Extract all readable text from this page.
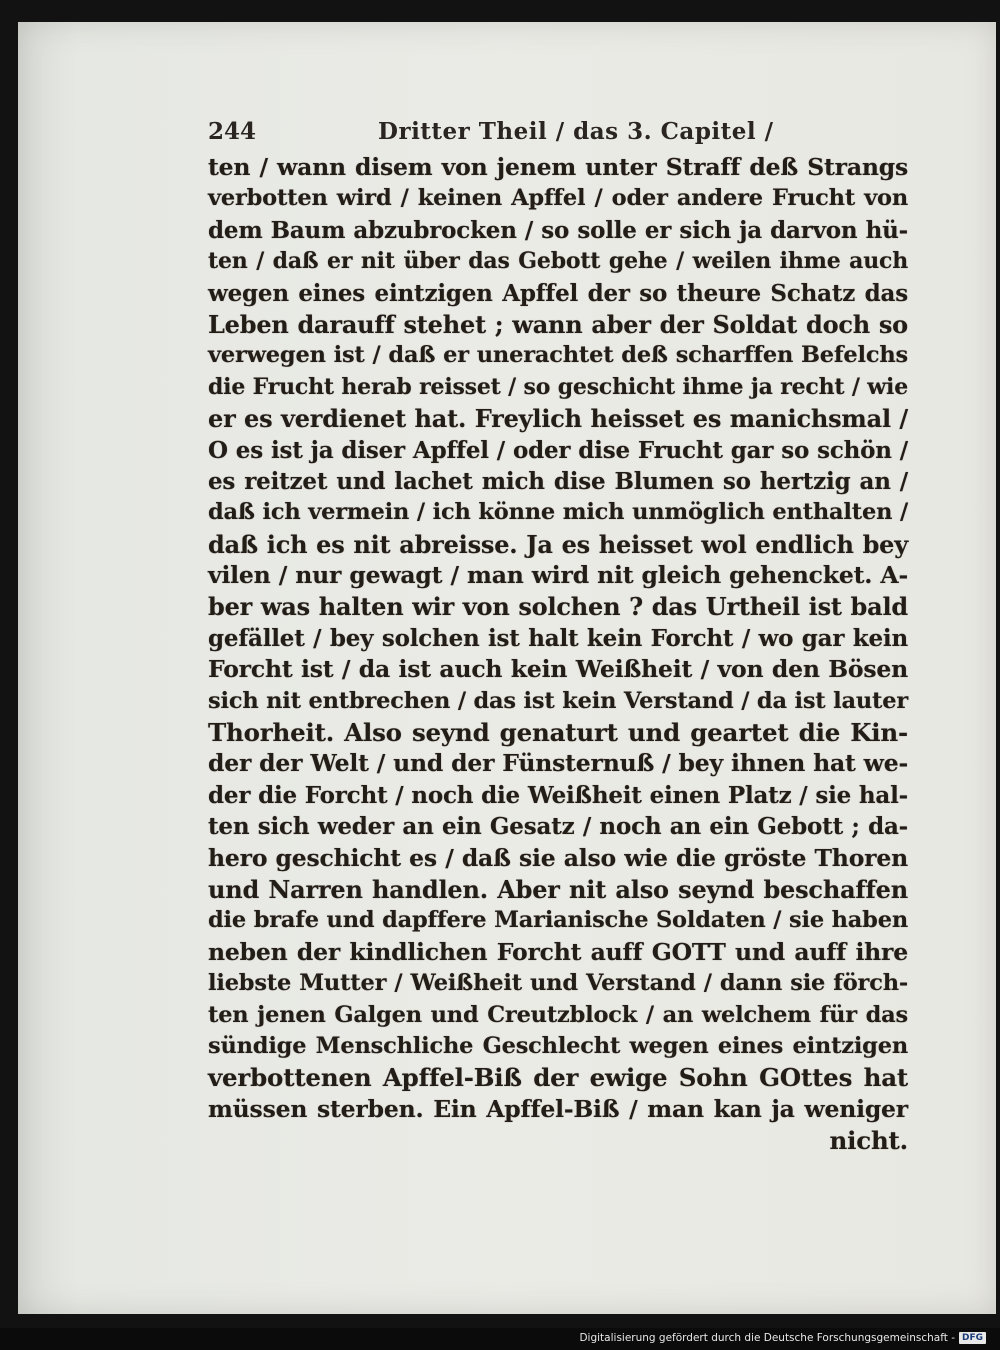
244	Dritter Theil / das 3. Capitel /
ten / wann disem von jenem unter Straff deß Strangs
verbotten wird / keinen Apffel / oder andere Frucht von
dem Baum abzubrocken / so solle er sich ja darvon hü-
ten / daß er nit über das Gebott gehe / weilen ihme auch
wegen eines eintzigen Apffel der so theure Schatz das
Leben darauff stehet ; wann aber der Soldat doch so
verwegen ist / daß er unerachtet deß scharffen Befelchs
die Frucht herab reisset / so geschicht ihme ja recht / wie
er es verdienet hat. Freylich heisset es manichsmal /
O es ist ja diser Apffel / oder dise Frucht gar so schön /
es reitzet und lachet mich dise Blumen so hertzig an /
daß ich vermein / ich könne mich unmöglich enthalten /
daß ich es nit abreisse. Ja es heisset wol endlich bey
vilen / nur gewagt / man wird nit gleich gehencket. A-
ber was halten wir von solchen ? das Urtheil ist bald
gefället / bey solchen ist halt kein Forcht / wo gar kein
Forcht ist / da ist auch kein Weißheit / von den Bösen
sich nit entbrechen / das ist kein Verstand / da ist lauter
Thorheit. Also seynd genaturt und geartet die Kin-
der der Welt / und der Fünsternuß / bey ihnen hat we-
der die Forcht / noch die Weißheit einen Platz / sie hal-
ten sich weder an ein Gesatz / noch an ein Gebott ; da-
hero geschicht es / daß sie also wie die gröste Thoren
und Narren handlen. Aber nit also seynd beschaffen
die brafe und dapffere Marianische Soldaten / sie haben
neben der kindlichen Forcht auff GOTT und auff ihre
liebste Mutter / Weißheit und Verstand / dann sie förch-
ten jenen Galgen und Creutzblock / an welchem für das
sündige Menschliche Geschlecht wegen eines eintzigen
verbottenen Apffel-Biß der ewige Sohn GOttes hat
müssen sterben. Ein Apffel-Biß / man kan ja weniger
nicht.
Digitalisierung gefördert durch die Deutsche Forschungsgemeinschaft - DFG
